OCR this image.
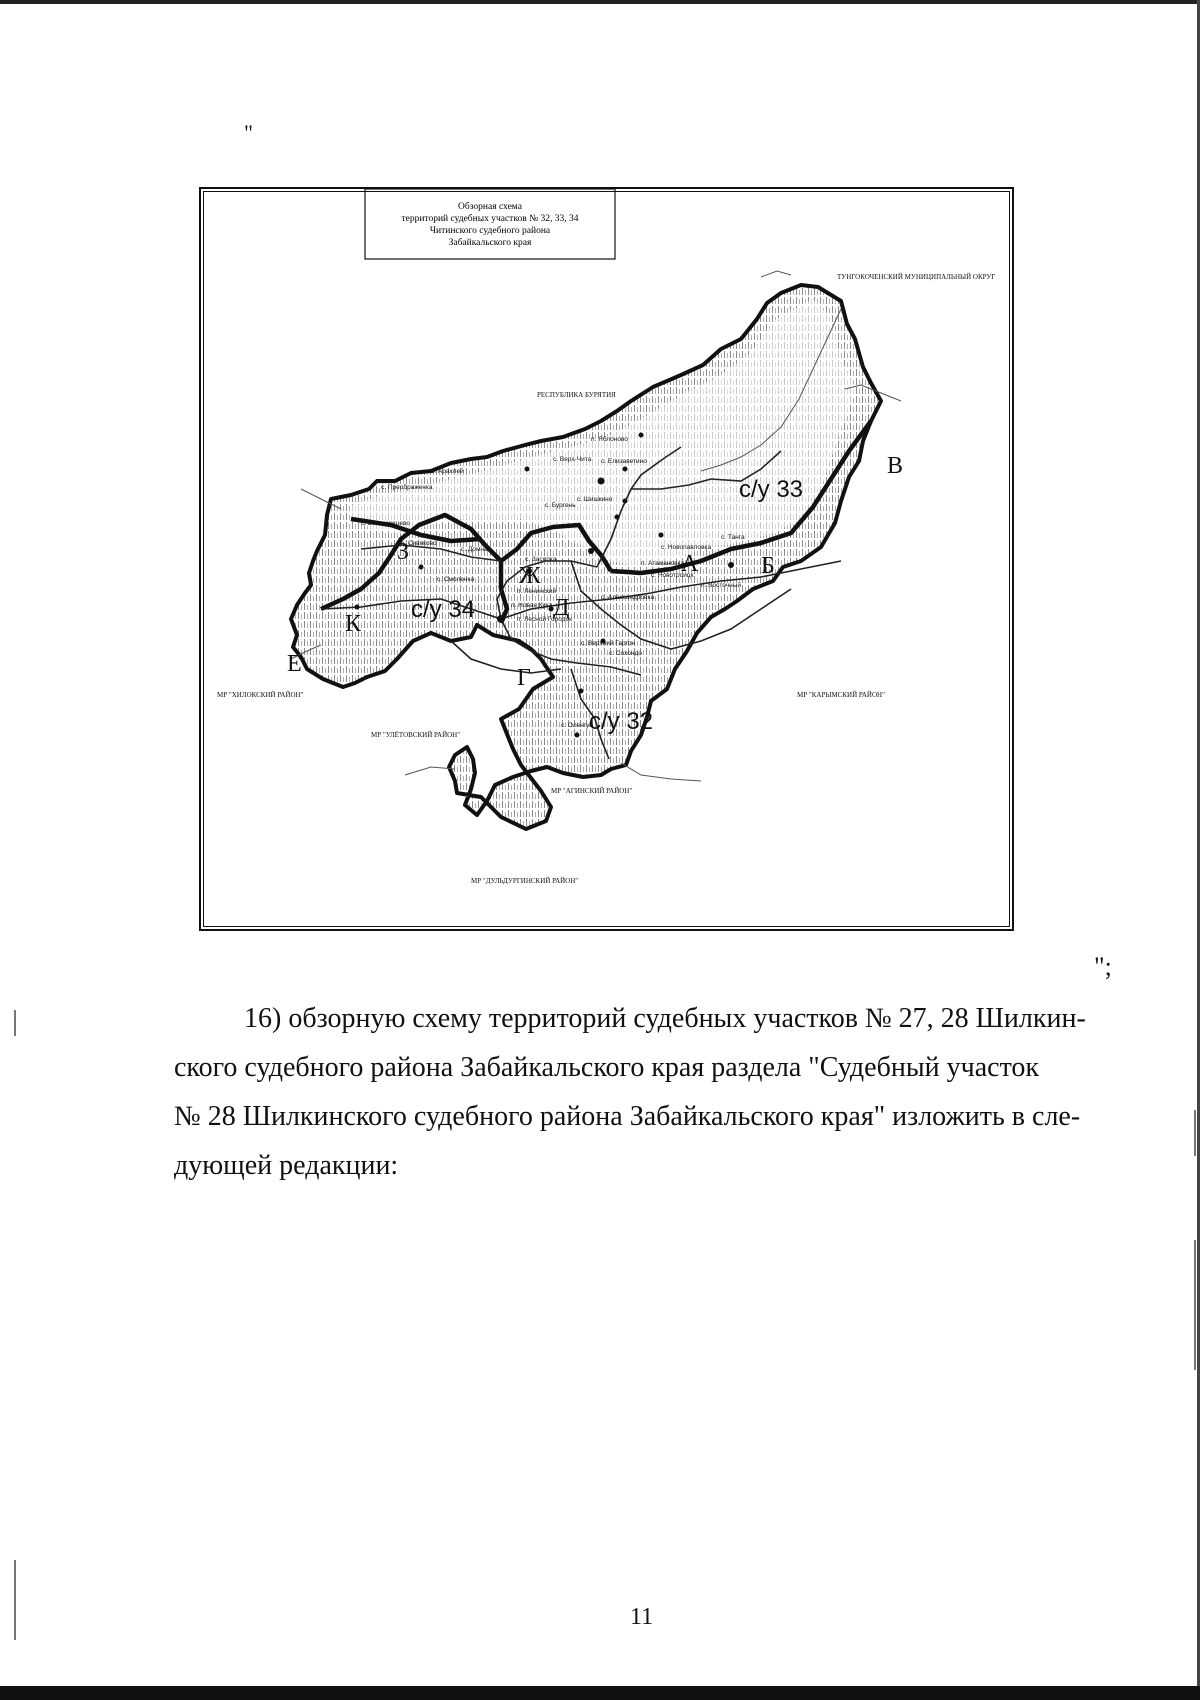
"
Обзорная схема
территорий судебных участков № 32, 33, 34
Читинского судебного района
Забайкальского края
с. Беклемишево
с. Преображенка
с. Сивяково
с. Верх-Чита
с. Шишкино
с. Бургень
с. Домна
с. Смоленка
п. Атамановка
с. Новотроицк
п. Ленинский
с. Засопка
п. Новая Кука
п. Лесной Городок
с. Александровка
п. Восточный
с. Сохондо
с. Оленгуй
с. Верхний Гаргон
с. Новопавловка
с. Арахлей
с. Танга
п. Яблоново
с. Елизаветино
ТУНГОКОЧЕНСКИЙ МУНИЦИПАЛЬНЫЙ ОКРУГ
РЕСПУБЛИКА БУРЯТИЯ
МР "ХИЛОКСКИЙ РАЙОН"
МР "УЛЁТОВСКИЙ РАЙОН"
МР "КАРЫМСКИЙ РАЙОН"
МР "АГИНСКИЙ РАЙОН"
МР "ДУЛЬДУРГИНСКИЙ РАЙОН"
с/у 33
с/у 34
с/у 32
А	Б
В
Г
Д
Е
Ж
З
К
";
16) обзорную схему территорий судебных участков № 27, 28 Шилкин-
ского судебного района Забайкальского края раздела "Судебный участок
№ 28 Шилкинского судебного района Забайкальского края" изложить в сле-
дующей редакции:
11
